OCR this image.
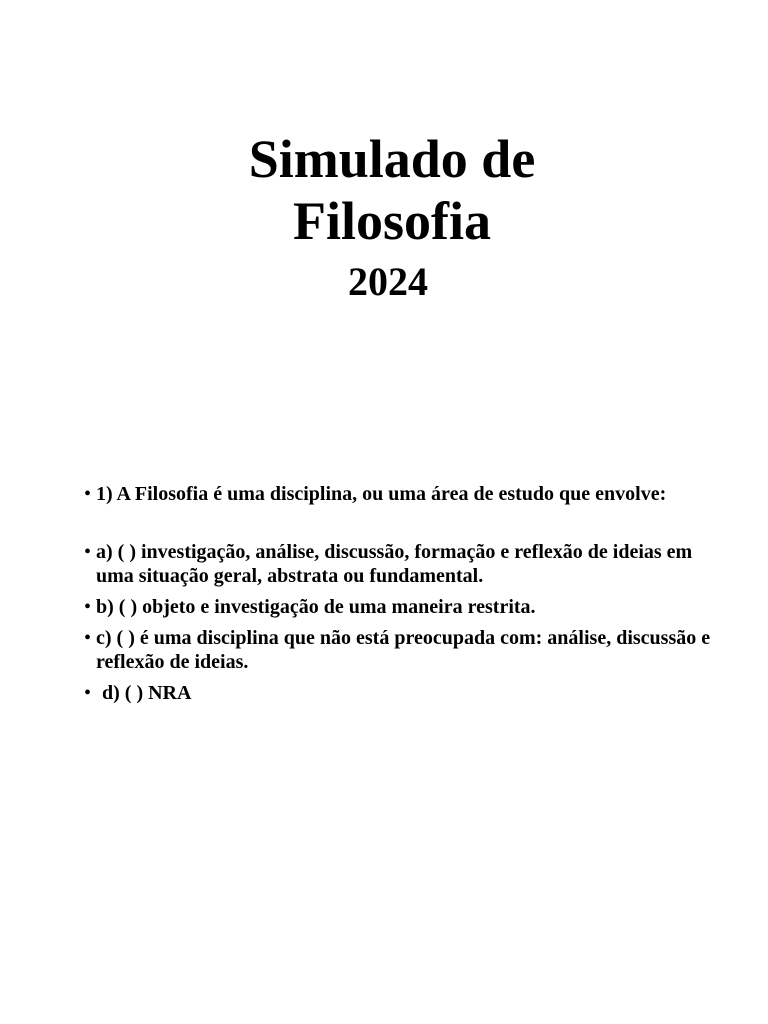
Simulado de
Filosofia
2024
• 1) A Filosofia é uma disciplina, ou uma área de estudo que envolve:
• a) ( ) investigação, análise, discussão, formação e reflexão de ideias em uma situação geral, abstrata ou fundamental.
• b) ( ) objeto e investigação de uma maneira restrita.
• c) ( ) é uma disciplina que não está preocupada com: análise, discussão e reflexão de ideias.
• d) ( ) NRA
